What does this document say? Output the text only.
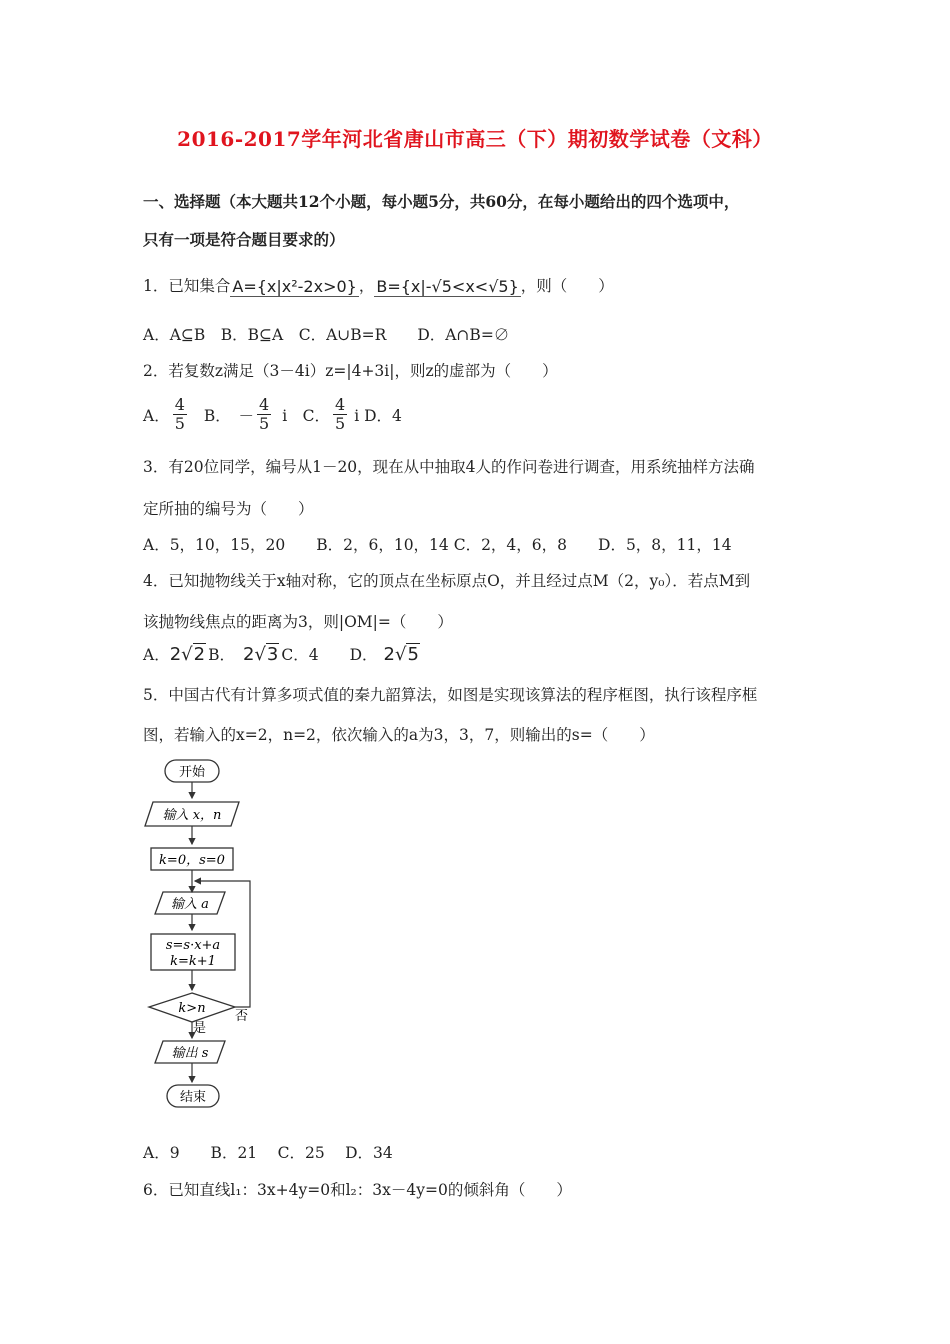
2016-2017学年河北省唐山市高三（下）期初数学试卷（文科）
一、选择题（本大题共12个小题，每小题5分，共60分，在每小题给出的四个选项中，
只有一项是符合题目要求的）
1．已知集合 A={x|x²-2x>0} ， B={x|-√5<x<√5} ，则（　　）
A．A⊆B　B．B⊆A　C．A∪B=R　　D．A∩B=∅
2．若复数z满足（3－4i）z=|4+3i|，则z的虚部为（　　）
A． $\frac{4}{5}$ B．　－ $\frac{4}{5}$ i　C． $\frac{4}{5}$ i D．4
3．有20位同学，编号从1－20，现在从中抽取4人的作问卷进行调查，用系统抽样方法确
定所抽的编号为（　　）
A．5，10，15，20　　B．2，6，10，14 C．2，4，6，8　　D．5，8，11，14
4．已知抛物线关于x轴对称，它的顶点在坐标原点O，并且经过点M（2，y₀）．若点M到
该抛物线焦点的距离为3，则|OM|=（　　）
A． 2√2 B． 2√3 C．4　　D． 2√5
5．中国古代有计算多项式值的秦九韶算法，如图是实现该算法的程序框图，执行该程序框
图，若输入的x=2，n=2，依次输入的a为3，3，7，则输出的s=（　　）
开始
输入 x，n
k=0，s=0
输入 a
s=s·x+a
k=k+1
k>n
否
是
输出 s
结束
A．9　　B．21　 C．25　 D．34
6．已知直线l₁：3x+4y=0和l₂：3x－4y=0的倾斜角（　　）
